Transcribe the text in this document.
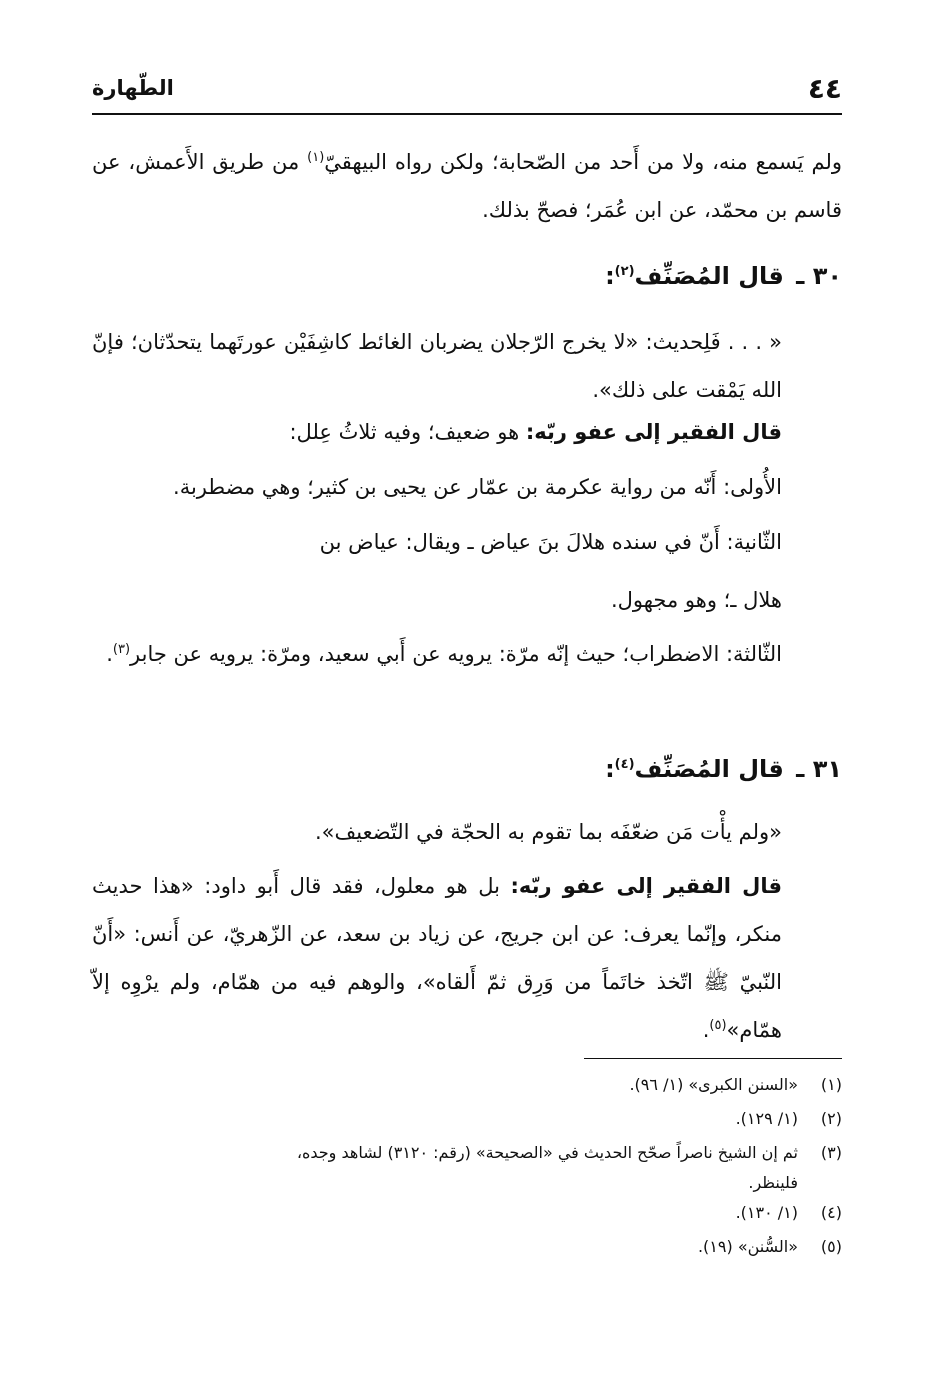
٤٤
الطّهارة

ولم يَسمع منه، ولا من أَحد من الصّحابة؛ ولكن رواه البيهقيّ$^{(١)}$ من طريق الأَعمش، عن قاسم بن محمّد، عن ابن عُمَر؛ فصحّ بذلك.

٣٠ ـ قال المُصَنِّف$^{(٢)}$:

« . . . فَلِحديث: «لا يخرج الرّجلان يضربان الغائط كاشِفَيْن عورتَهما يتحدّثان؛ فإنّ الله يَمْقت على ذلك».

قال الفقير إلى عفو ربّه: هو ضعيف؛ وفيه ثلاثُ عِلل:

الأُولى: أَنّه من رواية عكرمة بن عمّار عن يحيى بن كثير؛ وهي مضطربة.

الثّانية: أَنّ في سنده هلالَ بنَ عياض ـ ويقال: عياض بن

هلال ـ؛ وهو مجهول.

الثّالثة: الاضطراب؛ حيث إنّه مرّة: يرويه عن أَبي سعيد، ومرّة: يرويه عن جابر$^{(٣)}$.

٣١ ـ قال المُصَنِّف$^{(٤)}$:

«ولم يأْت مَن ضعّفَه بما تقوم به الحجّة في التّضعيف».

قال الفقير إلى عفو ربّه: بل هو معلول، فقد قال أَبو داود: «هذا حديث منكر، وإنّما يعرف: عن ابن جريج، عن زياد بن سعد، عن الزّهريّ، عن أَنس: «أَنّ النّبيّ ﷺ اتّخذ خاتَماً من وَرِق ثمّ أَلقاه»، والوهم فيه من همّام، ولم يرْوِه إلاّ همّام»$^{(٥)}$.

(١)
«السنن الكبرى» (١/ ٩٦).
(٢)
(١/ ١٢٩).
(٣)
ثم إن الشيخ ناصراً صحّح الحديث في «الصحيحة» (رقم: ٣١٢٠) لشاهد وجده،
فلينظر.
(٤)
(١/ ١٣٠).
(٥)
«السُّنن» (١٩).
